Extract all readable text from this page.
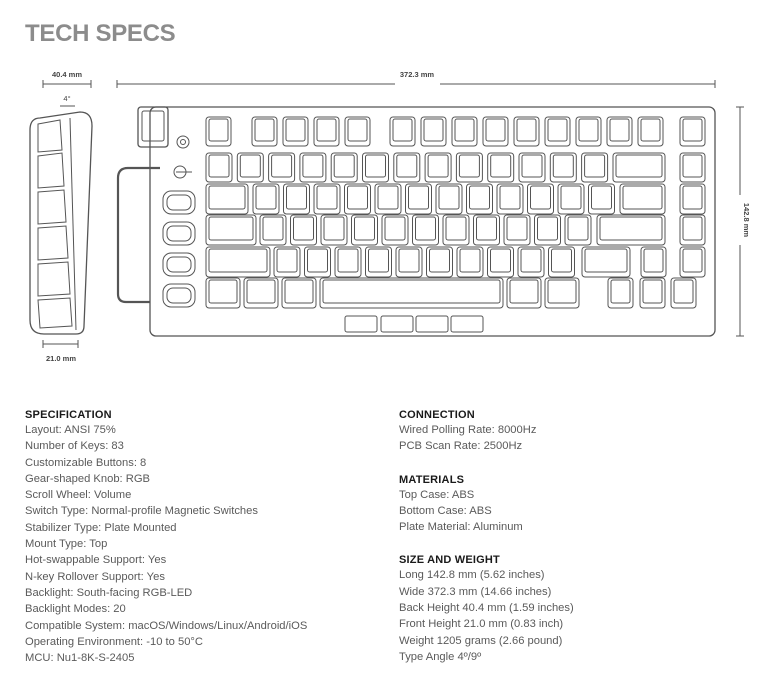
TECH SPECS
40.4 mm
4°
21.0 mm
372.3 mm
142.8 mm

SPECIFICATION

Layout: ANSI 75%

Number of Keys: 83

Customizable Buttons: 8

Gear-shaped Knob: RGB

Scroll Wheel: Volume

Switch Type: Normal-profile Magnetic Switches

Stabilizer Type: Plate Mounted

Mount Type: Top

Hot-swappable Support: Yes

N-key Rollover Support: Yes

Backlight: South-facing RGB-LED

Backlight Modes: 20

Compatible System: macOS/Windows/Linux/Android/iOS

Operating Environment: -10 to 50°C

MCU: Nu1-8K-S-2405

CONNECTION

Wired Polling Rate: 8000Hz

PCB Scan Rate: 2500Hz

MATERIALS

Top Case: ABS

Bottom Case: ABS

Plate Material: Aluminum

SIZE AND WEIGHT

Long 142.8 mm (5.62 inches)

Wide 372.3 mm (14.66 inches)

Back Height 40.4 mm (1.59 inches)

Front Height 21.0 mm (0.83 inch)

Weight 1205 grams (2.66 pound)

Type Angle 4º/9º
